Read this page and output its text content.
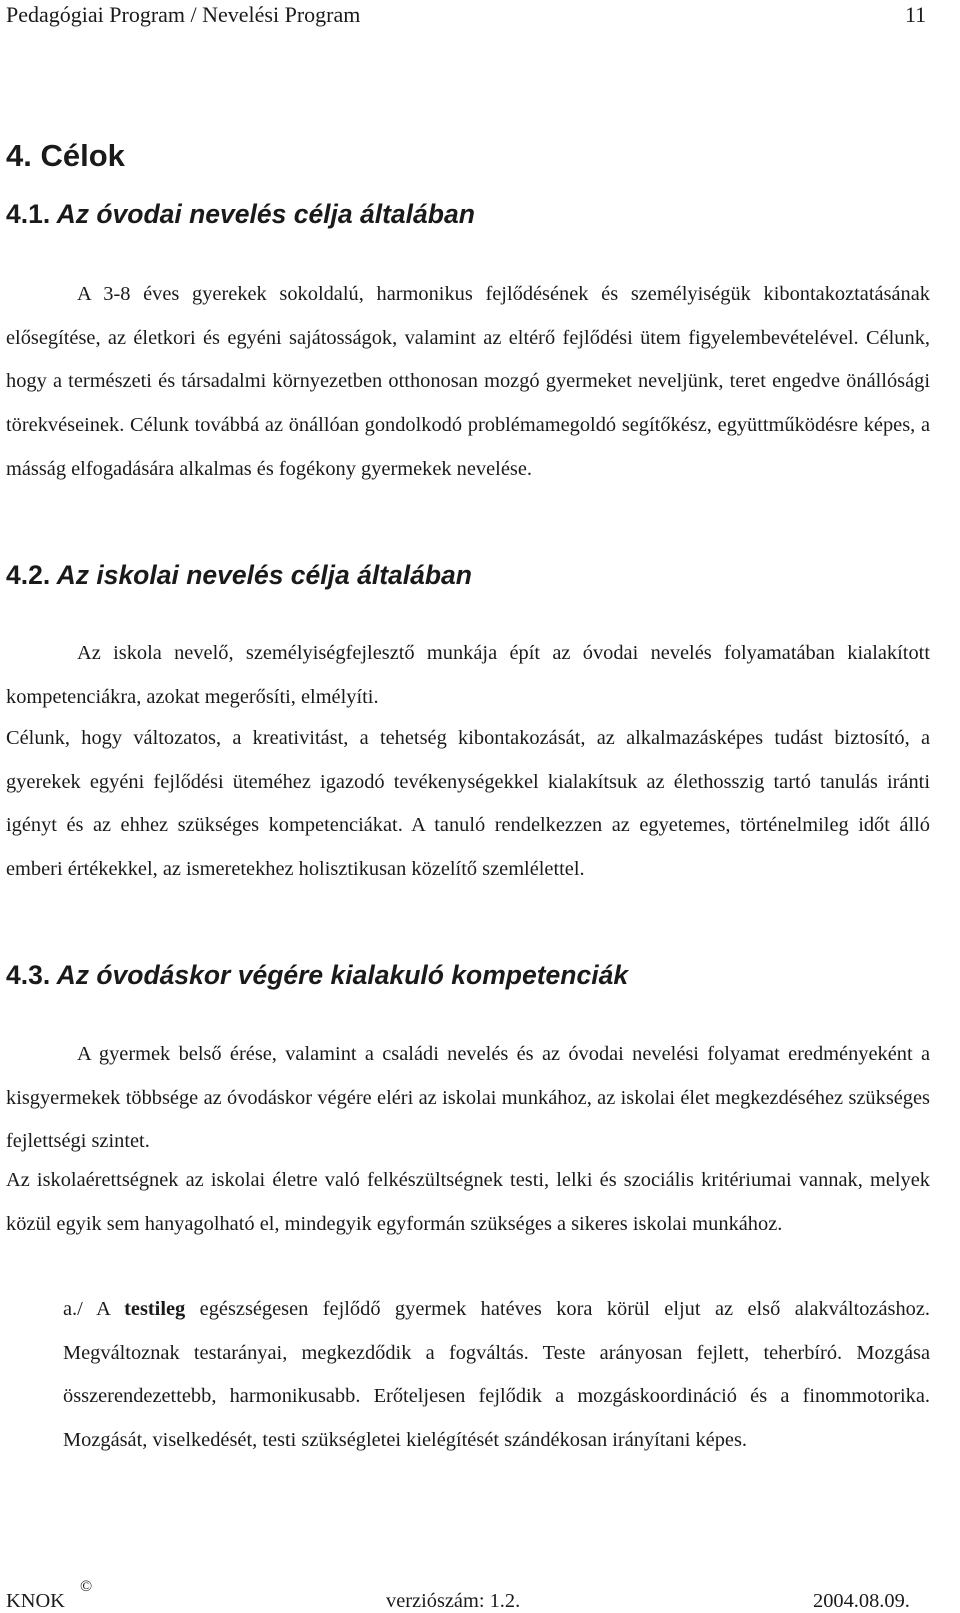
Pedagógiai Program / Nevelési Program	11
4. Célok
4.1. Az óvodai nevelés célja általában

A 3-8 éves gyerekek sokoldalú, harmonikus fejlődésének és személyiségük kibontakoztatásának elősegítése, az életkori és egyéni sajátosságok, valamint az eltérő fejlődési ütem figyelembevételével. Célunk, hogy a természeti és társadalmi környezetben otthonosan mozgó gyermeket neveljünk, teret engedve önállósági törekvéseinek. Célunk továbbá az önállóan gondolkodó problémamegoldó segítőkész, együttműködésre képes, a másság elfogadására alkalmas és fogékony gyermekek nevelése.

4.2. Az iskolai nevelés célja általában

Az iskola nevelő, személyiségfejlesztő munkája épít az óvodai nevelés folyamatában kialakított kompetenciákra, azokat megerősíti, elmélyíti.

Célunk, hogy változatos, a kreativitást, a tehetség kibontakozását, az alkalmazásképes tudást biztosító, a gyerekek egyéni fejlődési üteméhez igazodó tevékenységekkel kialakítsuk az élethosszig tartó tanulás iránti igényt és az ehhez szükséges kompetenciákat. A tanuló rendelkezzen az egyetemes, történelmileg időt álló emberi értékekkel, az ismeretekhez holisztikusan közelítő szemlélettel.

4.3. Az óvodáskor végére kialakuló kompetenciák

A gyermek belső érése, valamint a családi nevelés és az óvodai nevelési folyamat eredményeként a kisgyermekek többsége az óvodáskor végére eléri az iskolai munkához, az iskolai élet megkezdéséhez szükséges fejlettségi szintet.

Az iskolaérettségnek az iskolai életre való felkészültségnek testi, lelki és szociális kritériumai vannak, melyek közül egyik sem hanyagolható el, mindegyik egyformán szükséges a sikeres iskolai munkához.

a./ A testileg egészségesen fejlődő gyermek hatéves kora körül eljut az első alakváltozáshoz. Megváltoznak testarányai, megkezdődik a fogváltás. Teste arányosan fejlett, teherbíró. Mozgása összerendezettebb, harmonikusabb. Erőteljesen fejlődik a mozgáskoordináció és a finommotorika. Mozgását, viselkedését, testi szükségletei kielégítését szándékosan irányítani képes.

KNOK
©
verziószám: 1.2.	2004.08.09.
